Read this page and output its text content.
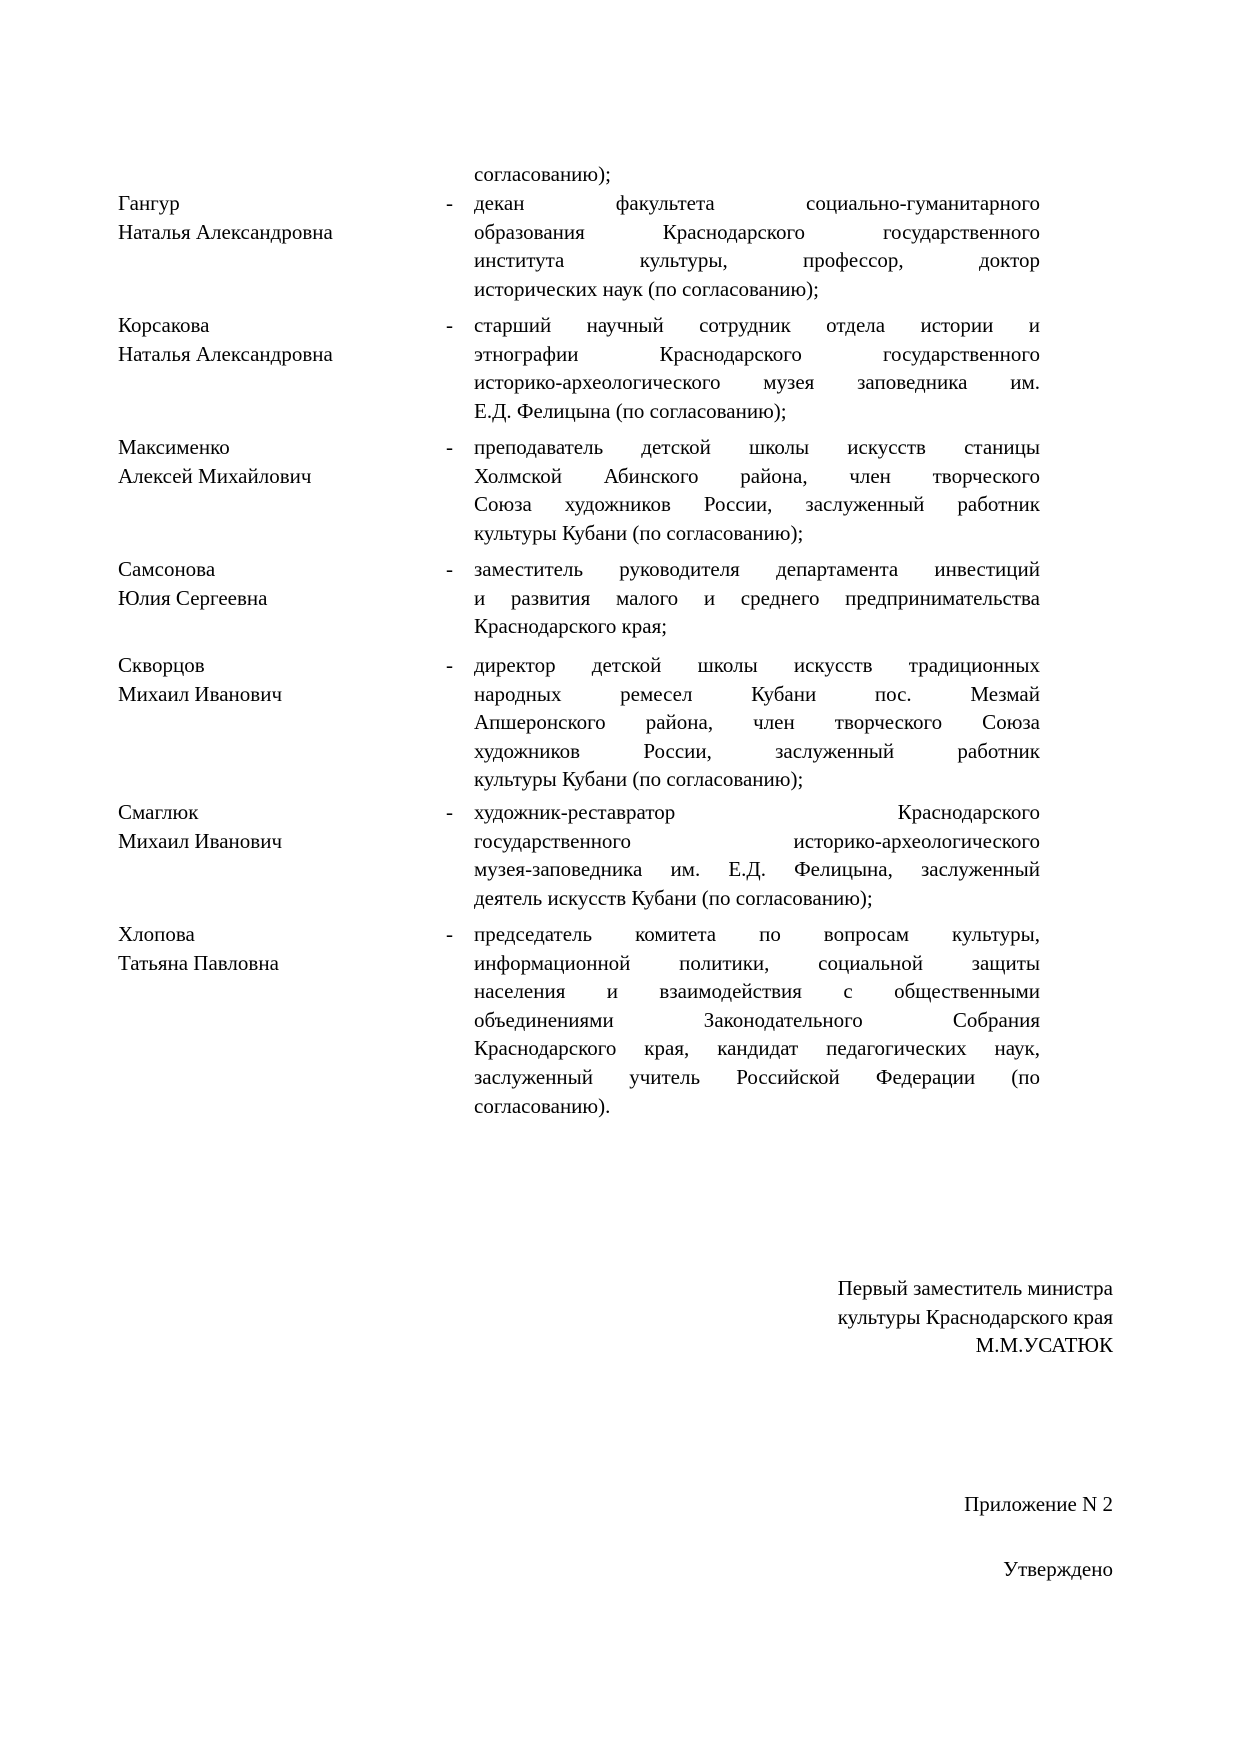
согласованию);
Гангур
Наталья Александровна
- декан факультета социально-гуманитарного
образования Краснодарского государственного
института культуры, профессор, доктор
исторических наук (по согласованию);
Корсакова
Наталья Александровна
- старший научный сотрудник отдела истории и
этнографии Краснодарского государственного
историко-археологического музея заповедника им.
Е.Д. Фелицына (по согласованию);
Максименко
Алексей Михайлович
- преподаватель детской школы искусств станицы
Холмской Абинского района, член творческого
Союза художников России, заслуженный работник
культуры Кубани (по согласованию);
Самсонова
Юлия Сергеевна
- заместитель руководителя департамента инвестиций
и развития малого и среднего предпринимательства
Краснодарского края;
Скворцов
Михаил Иванович
- директор детской школы искусств традиционных
народных ремесел Кубани пос. Мезмай
Апшеронского района, член творческого Союза
художников России, заслуженный работник
культуры Кубани (по согласованию);
Смаглюк
Михаил Иванович
- художник-реставратор Краснодарского
государственного историко-археологического
музея-заповедника им. Е.Д. Фелицына, заслуженный
деятель искусств Кубани (по согласованию);
Хлопова
Татьяна Павловна
- председатель комитета по вопросам культуры,
информационной политики, социальной защиты
населения и взаимодействия с общественными
объединениями Законодательного Собрания
Краснодарского края, кандидат педагогических наук,
заслуженный учитель Российской Федерации (по
согласованию).
Первый заместитель министра
культуры Краснодарского края
М.М.УСАТЮК
Приложение N 2
Утверждено
